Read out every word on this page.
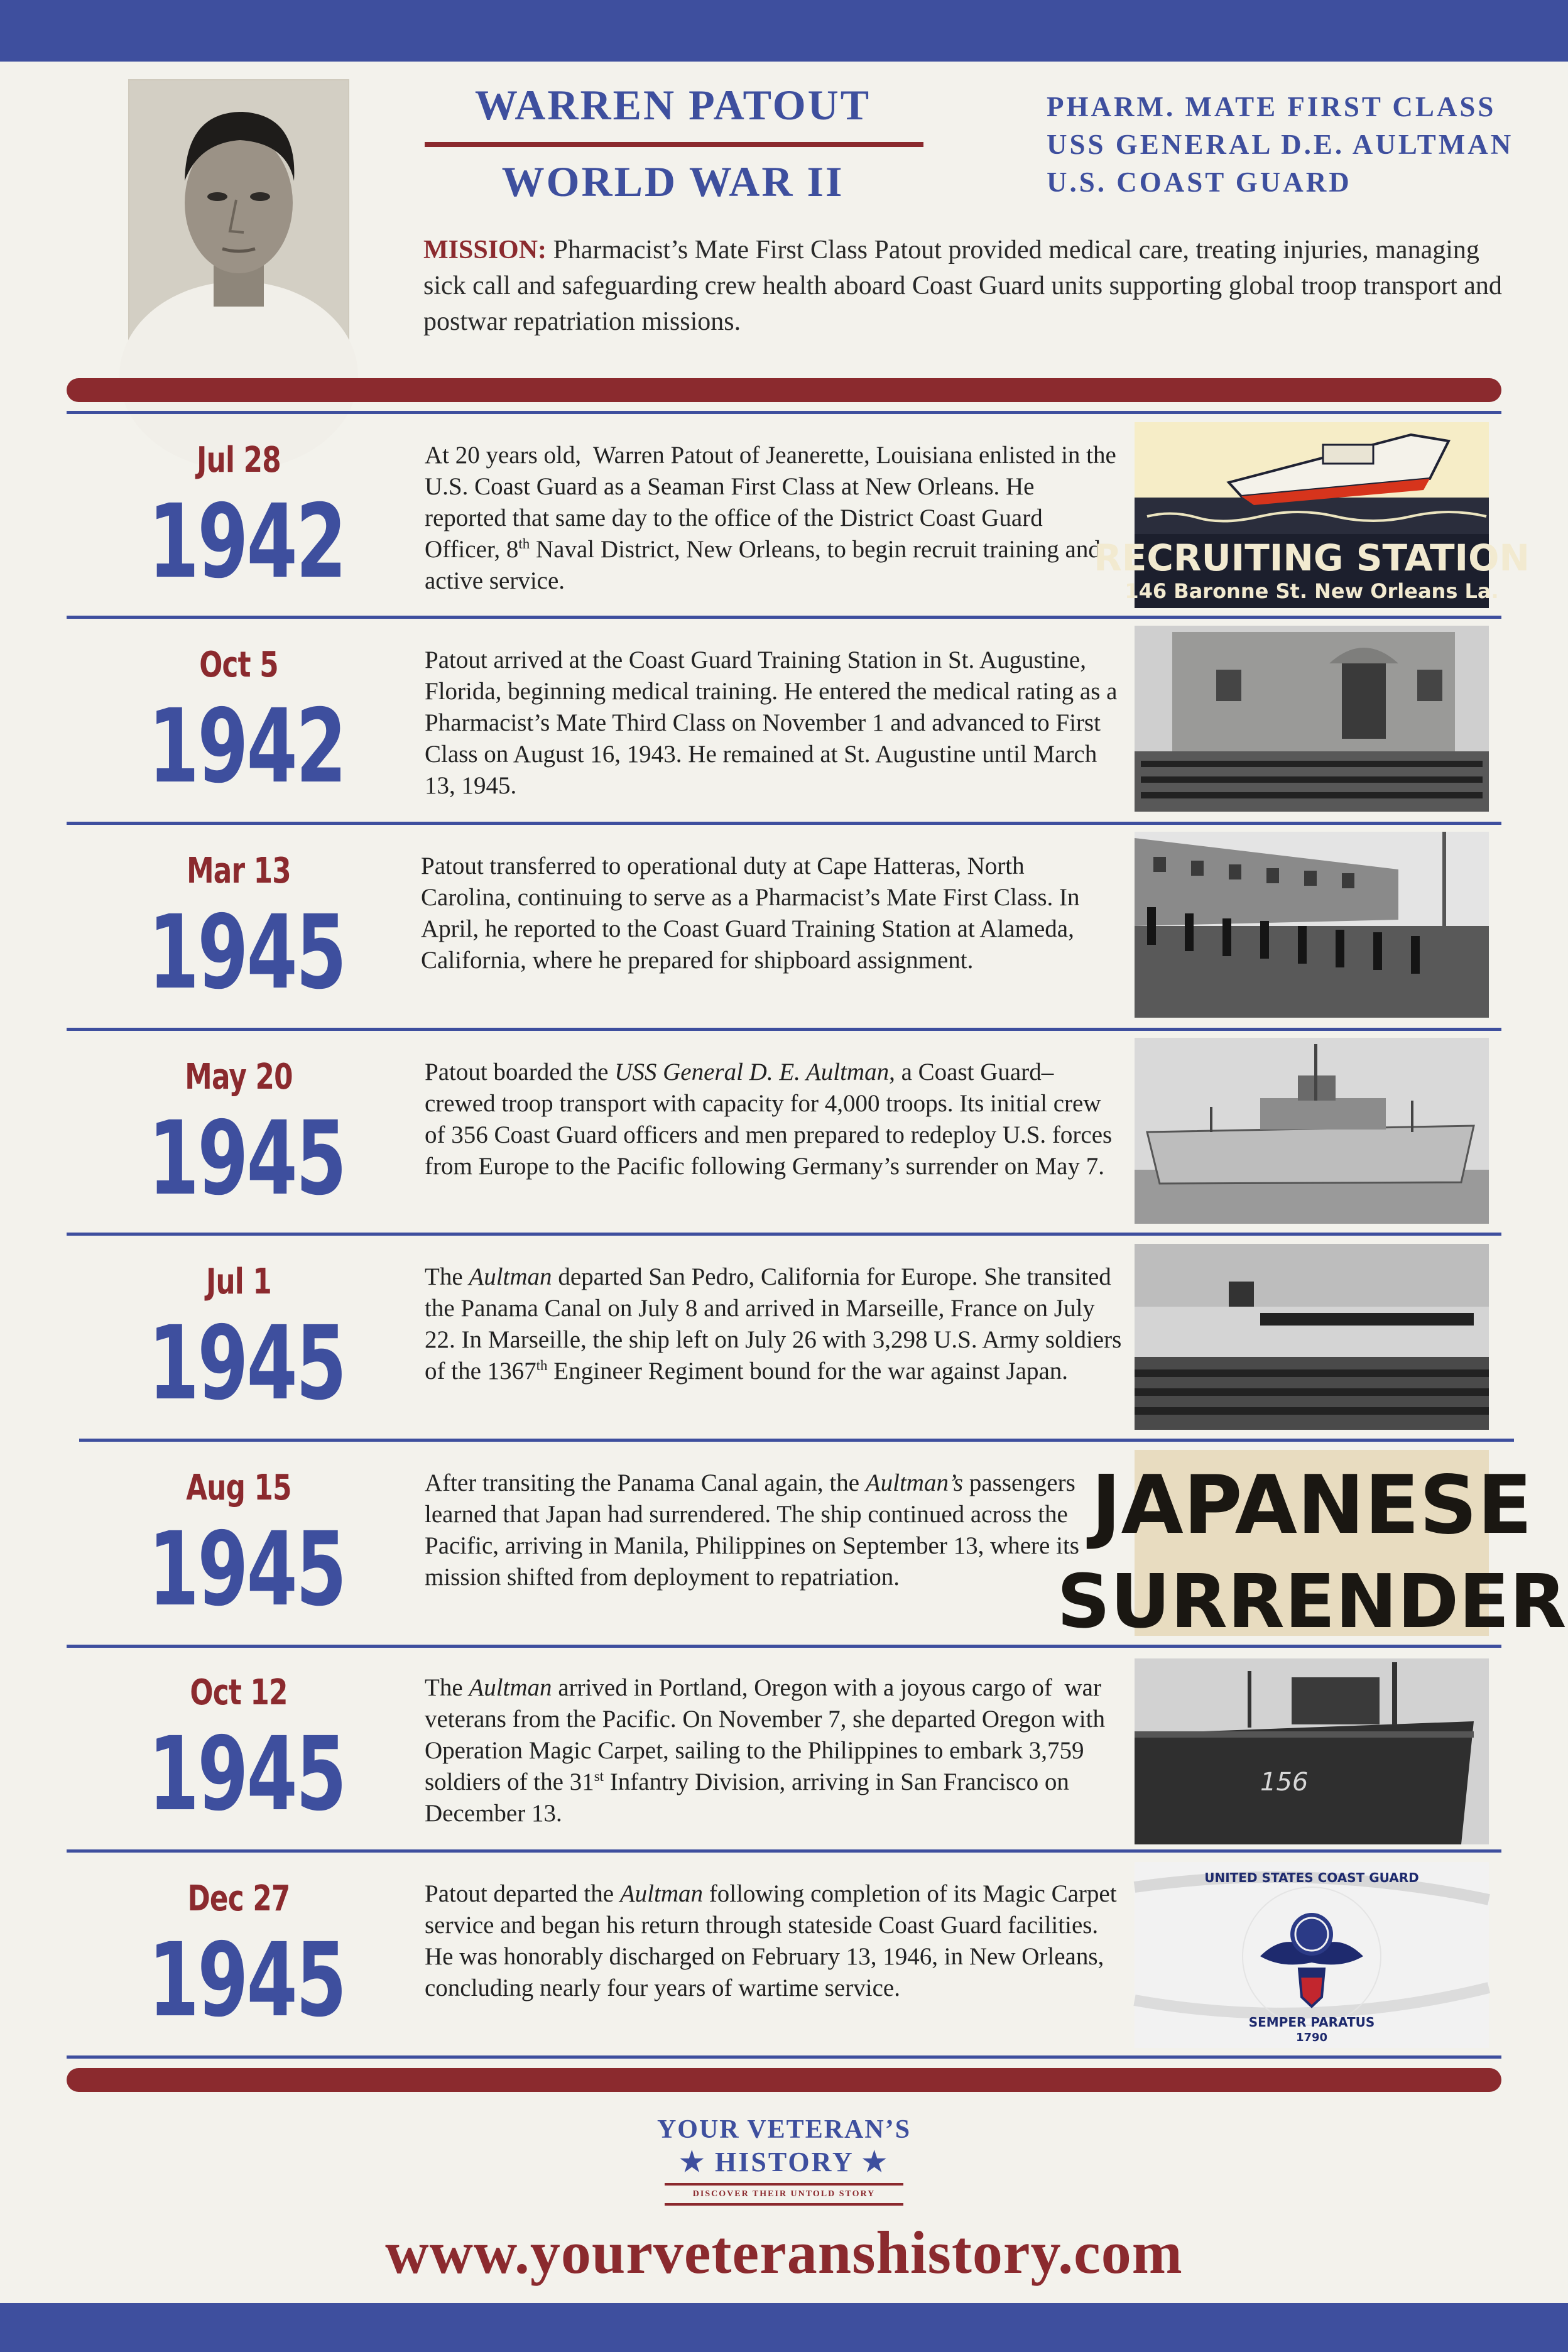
WARREN PATOUT
WORLD WAR II
PHARM. MATE FIRST CLASS
USS GENERAL D.E. AULTMAN
U.S. COAST GUARD
MISSION: Pharmacist’s Mate First Class Patout provided medical care, treating injuries, managing sick call and safeguarding crew health aboard Coast Guard units supporting global troop transport and postwar repatriation missions.
Jul 28
1942
At 20 years old,  Warren Patout of Jeanerette, Louisiana enlisted in the U.S. Coast Guard as a Seaman First Class at New Orleans. He reported that same day to the office of the District Coast Guard Officer, 8th Naval District, New Orleans, to begin recruit training and active service.
RECRUITING STATION
146 Baronne St. New Orleans La.
Oct 5
1942
Patout arrived at the Coast Guard Training Station in St. Augustine, Florida, beginning medical training. He entered the medical rating as a Pharmacist’s Mate Third Class on November 1 and advanced to First Class on August 16, 1943. He remained at St. Augustine until March 13, 1945.
Mar 13
1945
Patout transferred to operational duty at Cape Hatteras, North Carolina, continuing to serve as a Pharmacist’s Mate First Class. In April, he reported to the Coast Guard Training Station at Alameda, California, where he prepared for shipboard assignment.
May 20
1945
Patout boarded the USS General D. E. Aultman, a Coast Guard–crewed troop transport with capacity for 4,000 troops. Its initial crew of 356 Coast Guard officers and men prepared to redeploy U.S. forces from Europe to the Pacific following Germany’s surrender on May 7.
Jul 1
1945
The Aultman departed San Pedro, California for Europe. She transited the Panama Canal on July 8 and arrived in Marseille, France on July 22. In Marseille, the ship left on July 26 with 3,298 U.S. Army soldiers of the 1367th Engineer Regiment bound for the war against Japan.
Aug 15
1945
After transiting the Panama Canal again, the Aultman’s passengers learned that Japan had surrendered. The ship continued across the Pacific, arriving in Manila, Philippines on September 13, where its mission shifted from deployment to repatriation.
JAPANESE
SURRENDER
Oct 12
1945
The Aultman arrived in Portland, Oregon with a joyous cargo of  war veterans from the Pacific. On November 7, she departed Oregon with Operation Magic Carpet, sailing to the Philippines to embark 3,759 soldiers of the 31st Infantry Division, arriving in San Francisco on December 13.
156
Dec 27
1945
Patout departed the Aultman following completion of its Magic Carpet service and began his return through stateside Coast Guard facilities. He was honorably discharged on February 13, 1946, in New Orleans, concluding nearly four years of wartime service.
UNITED STATES COAST GUARD
SEMPER PARATUS
1790
YOUR VETERAN’S
★ HISTORY ★
DISCOVER THEIR UNTOLD STORY
www.yourveteranshistory.com
